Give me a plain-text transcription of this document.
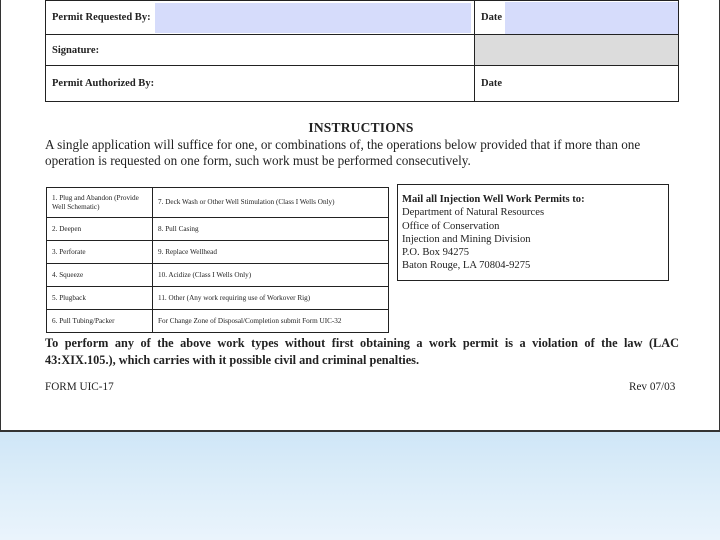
Permit Requested By:	Date

Signature:	
Permit Authorized By:	Date
INSTRUCTIONS
A single application will suffice for one, or combinations of, the operations below provided that if more than one operation is requested on one form, such work must be performed consecutively.
1. Plug and Abandon (Provide Well Schematic)	7. Deck Wash or Other Well Stimulation (Class I Wells Only)
2. Deepen	8. Pull Casing
3. Perforate	9. Replace Wellhead
4. Squeeze	10. Acidize (Class I Wells Only)
5. Plugback	11. Other (Any work requiring use of Workover Rig)
6. Pull Tubing/Packer	For Change Zone of Disposal/Completion submit Form UIC-32
Mail all Injection Well Work Permits to:
Department of Natural Resources
Office of Conservation
Injection and Mining Division
P.O. Box 94275
Baton Rouge, LA 70804-9275
To perform any of the above work types without first obtaining a work permit is a violation of the law (LAC 43:XIX.105.), which carries with it possible civil and criminal penalties.
FORM UIC-17	Rev 07/03
